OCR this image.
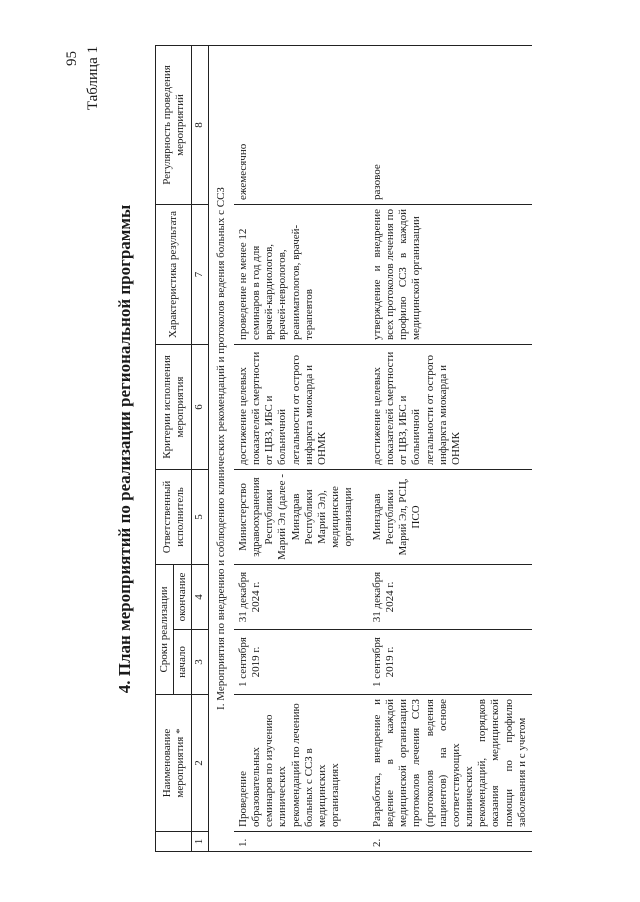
95 Таблица 1
4. План мероприятий по реализации региональной программы
	Наименование мероприятия *	Сроки реализации		Ответственный исполнитель	Критерии исполнения мероприятия	Характеристика результата	Регулярность проведения мероприятий
		начало	окончание				
1	2	3	4	5	6	7	8
I. Мероприятия по внедрению и соблюдению клинических рекомендаций и протоколов ведения больных с ССЗ							
1.	Проведение образовательных семинаров по изучению клинических рекомендаций по лечению больных с ССЗ в медицинских организациях	1 сентября 2019 г.	31 декабря 2024 г.	Министерство здравоохранения Республики Марий Эл (далее - Минздрав Республики Марий Эл), медицинские организации	достижение целевых показателей смертности от ЦВЗ, ИБС и больничной летальности от острого инфаркта миокарда и ОНМК	проведение не менее 12 семинаров в год для врачей-кардиологов, врачей-неврологов, реаниматологов, врачей-терапевтов	ежемесячно
2.	Разработка, внедрение и ведение в каждой медицинской организации протоколов лечения ССЗ (протоколов ведения пациентов) на основе соответствующих клинических рекомендаций, порядков оказания медицинской помощи по профилю заболевания и с учетом	1 сентября 2019 г.	31 декабря 2024 г.	Минздрав Республики Марий Эл, РСЦ, ПСО	достижение целевых показателей смертности от ЦВЗ, ИБС и больничной летальности от острого инфаркта миокарда и ОНМК	утверждение и внедрение всех протоколов лечения по профилю ССЗ в каждой медицинской организации	разовое
